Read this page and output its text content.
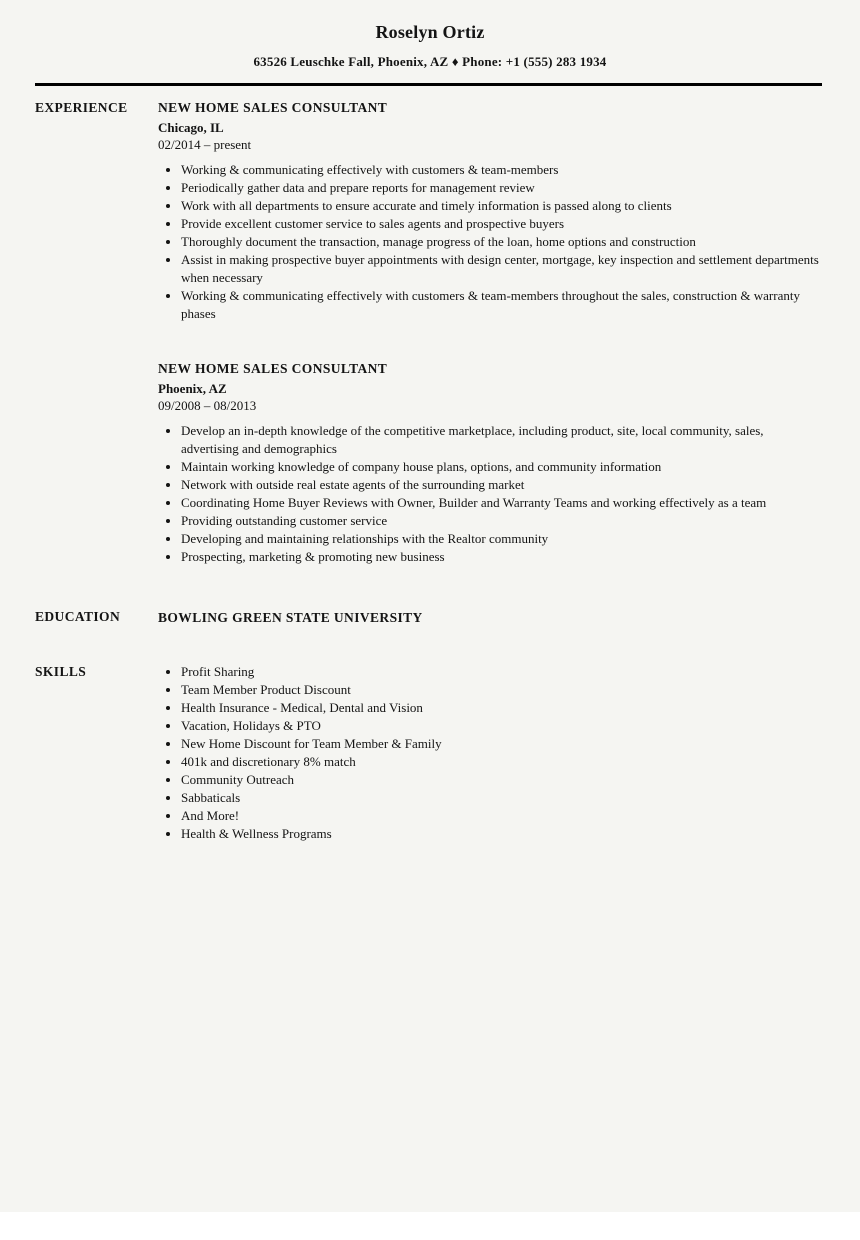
Roselyn Ortiz
63526 Leuschke Fall, Phoenix, AZ ♦ Phone: +1 (555) 283 1934
EXPERIENCE	NEW HOME SALES CONSULTANT
Chicago, IL
02/2014 – present
• Working & communicating effectively with customers & team-members
• Periodically gather data and prepare reports for management review
• Work with all departments to ensure accurate and timely information is passed along to clients
• Provide excellent customer service to sales agents and prospective buyers
• Thoroughly document the transaction, manage progress of the loan, home options and construction
• Assist in making prospective buyer appointments with design center, mortgage, key inspection and settlement departments when necessary
• Working & communicating effectively with customers & team-members throughout the sales, construction & warranty phases
NEW HOME SALES CONSULTANT
Phoenix, AZ
09/2008 – 08/2013
• Develop an in-depth knowledge of the competitive marketplace, including product, site, local community, sales, advertising and demographics
• Maintain working knowledge of company house plans, options, and community information
• Network with outside real estate agents of the surrounding market
• Coordinating Home Buyer Reviews with Owner, Builder and Warranty Teams and working effectively as a team
• Providing outstanding customer service
• Developing and maintaining relationships with the Realtor community
• Prospecting, marketing & promoting new business
EDUCATION	BOWLING GREEN STATE UNIVERSITY
SKILLS	• Profit Sharing
• Team Member Product Discount
• Health Insurance - Medical, Dental and Vision
• Vacation, Holidays & PTO
• New Home Discount for Team Member & Family
• 401k and discretionary 8% match
• Community Outreach
• Sabbaticals
• And More!
• Health & Wellness Programs
